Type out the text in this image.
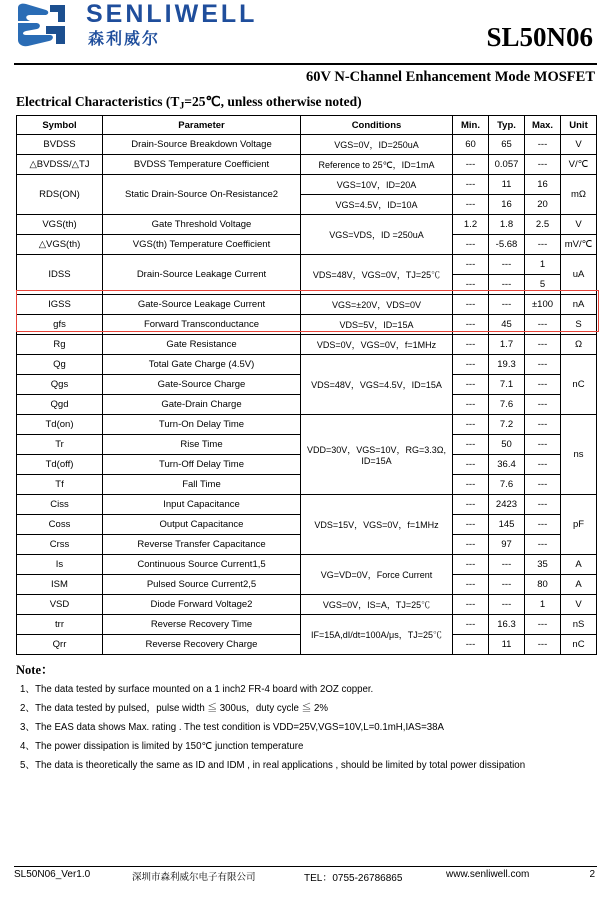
SENLIWELL
森利威尔	SL50N06
60V N-Channel Enhancement Mode MOSFET
Electrical Characteristics ($T_J=25℃$, unless otherwise noted)
Symbol	Parameter	Conditions	Min.	Typ.	Max.	Unit
BVDSS	Drain-Source Breakdown Voltage	VGS=0V，ID=250uA	60	65	---	V
△BVDSS/△TJ	BVDSS Temperature Coefficient	Reference to 25℃，ID=1mA	---	0.057	---	V/℃
RDS(ON)	Static Drain-Source On-Resistance2	VGS=10V，ID=20A	---	11	16	mΩ
		VGS=4.5V，ID=10A	---	16	20	
VGS(th)	Gate Threshold Voltage	VGS=VDS，ID =250uA	1.2	1.8	2.5	V
△VGS(th)	VGS(th) Temperature Coefficient		---	-5.68	---	mV/℃
IDSS	Drain-Source Leakage Current	VDS=48V，VGS=0V，TJ=25℃	---	---	1	uA
			---	---	5	
IGSS	Gate-Source Leakage Current	VGS=±20V，VDS=0V	---	---	±100	nA
gfs	Forward Transconductance	VDS=5V，ID=15A	---	45	---	S
Rg	Gate Resistance	VDS=0V，VGS=0V，f=1MHz	---	1.7	---	Ω
Qg	Total Gate Charge (4.5V)	VDS=48V，VGS=4.5V，ID=15A	---	19.3	---	nC
Qgs	Gate-Source Charge		---	7.1	---	
Qgd	Gate-Drain Charge		---	7.6	---	
Td(on)	Turn-On Delay Time	VDD=30V，VGS=10V，RG=3.3Ω, ID=15A	---	7.2	---	ns
Tr	Rise Time		---	50	---	
Td(off)	Turn-Off Delay Time		---	36.4	---	
Tf	Fall Time		---	7.6	---	
Ciss	Input Capacitance	VDS=15V，VGS=0V，f=1MHz	---	2423	---	pF
Coss	Output Capacitance		---	145	---	
Crss	Reverse Transfer Capacitance		---	97	---	
Is	Continuous Source Current1,5	VG=VD=0V，Force Current	---	---	35	A
ISM	Pulsed Source Current2,5		---	---	80	A
VSD	Diode Forward Voltage2	VGS=0V，IS=A，TJ=25℃	---	---	1	V
trr	Reverse Recovery Time	IF=15A,dI/dt=100A/μs，TJ=25℃	---	16.3	---	nS
Qrr	Reverse Recovery Charge		---	11	---	nC
Note：
1、The data tested by surface mounted on a 1 inch2 FR-4 board with 2OZ copper.
2、The data tested by pulsed，pulse width ≦ 300us，duty cycle ≦ 2%
3、The EAS data shows Max. rating . The test condition is VDD=25V,VGS=10V,L=0.1mH,IAS=38A
4、The power dissipation is limited by 150℃ junction temperature
5、The data is theoretically the same as ID and IDM , in real applications , should be limited by total power dissipation
SL50N06_Ver1.0	深圳市森利威尔电子有限公司	TEL：0755-26786865	www.senliwell.com	2
